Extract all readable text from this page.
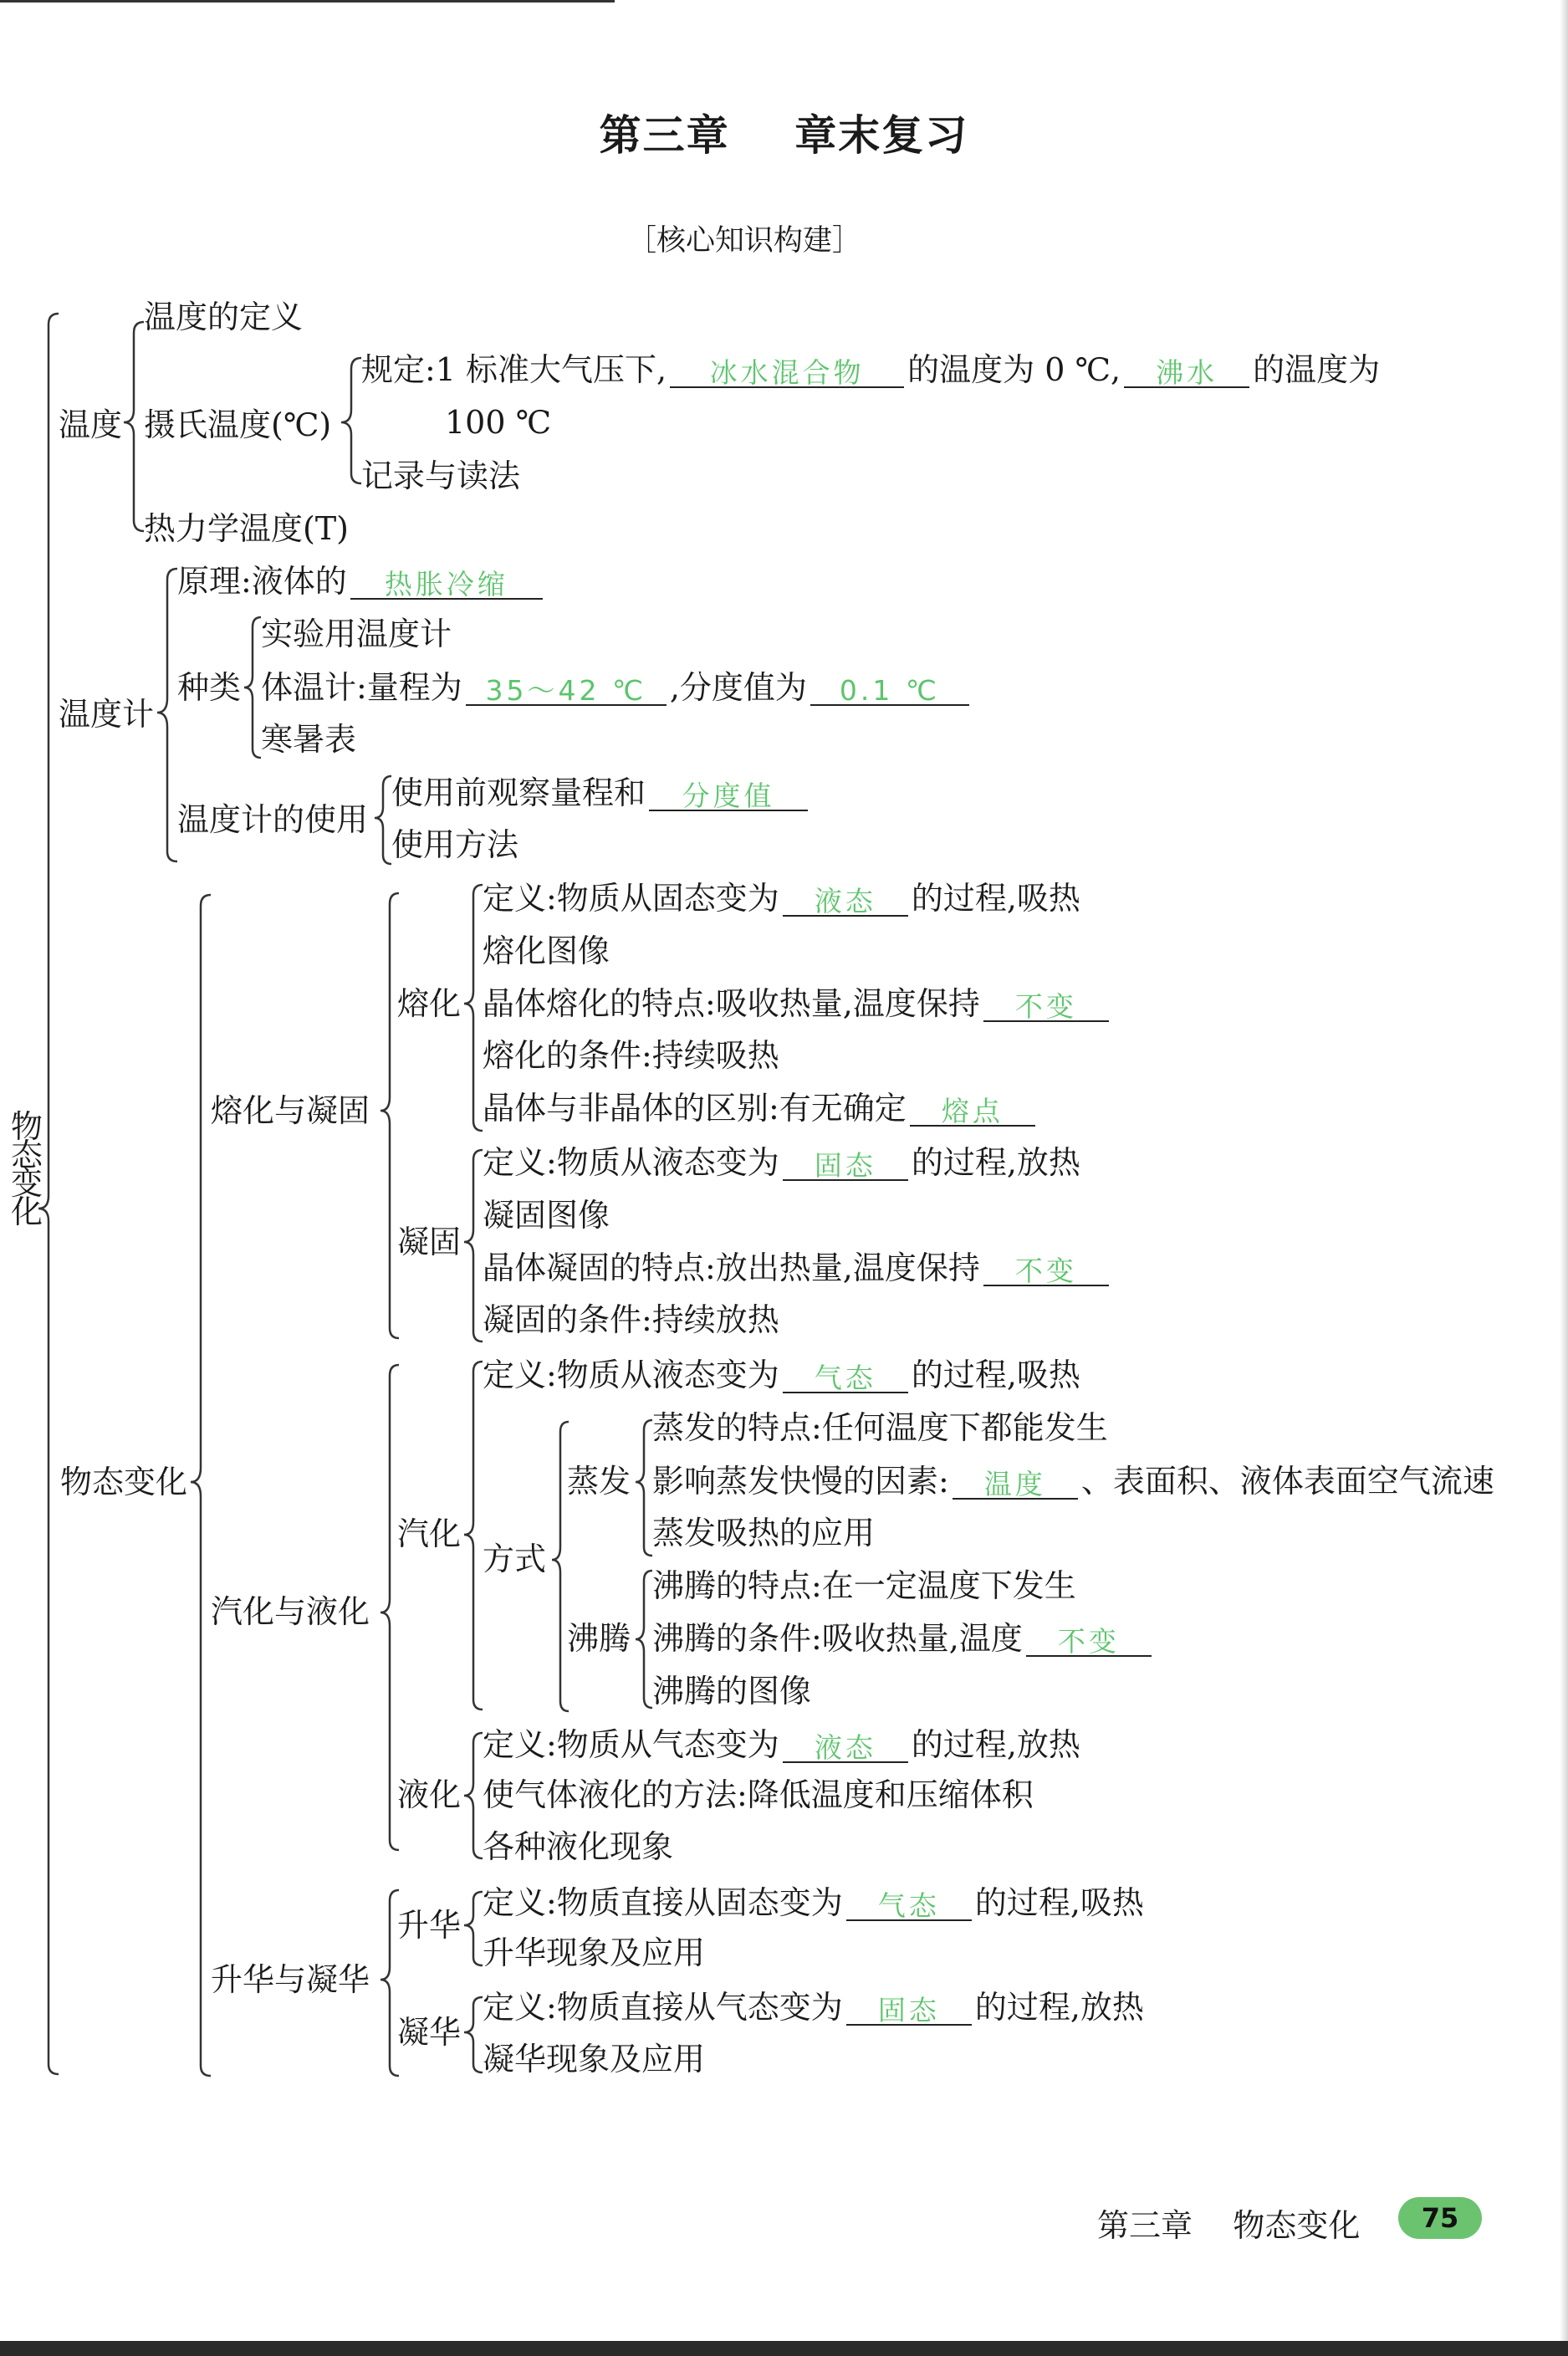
第三章    章末复习
［核心知识构建］
物
态
变
化
温度
温度的定义
摄氏温度(℃)
规定:1 标准大气压下, 冰水混合物 的温度为 0 ℃, 沸水 的温度为
100 ℃
记录与读法
热力学温度(T)
温度计
原理:液体的 热胀冷缩
种类
实验用温度计
体温计:量程为 35～42 ℃ ,分度值为 0.1 ℃
寒暑表
温度计的使用
使用前观察量程和 分度值
使用方法
物态变化
熔化与凝固
熔化
定义:物质从固态变为 液态 的过程,吸热
熔化图像
晶体熔化的特点:吸收热量,温度保持 不变
熔化的条件:持续吸热
晶体与非晶体的区别:有无确定 熔点
凝固
定义:物质从液态变为 固态 的过程,放热
凝固图像
晶体凝固的特点:放出热量,温度保持 不变
凝固的条件:持续放热
汽化与液化
汽化
定义:物质从液态变为 气态 的过程,吸热
方式
蒸发
蒸发的特点:任何温度下都能发生
影响蒸发快慢的因素: 温度 、表面积、液体表面空气流速
蒸发吸热的应用
沸腾
沸腾的特点:在一定温度下发生
沸腾的条件:吸收热量,温度 不变
沸腾的图像
液化
定义:物质从气态变为 液态 的过程,放热
使气体液化的方法:降低温度和压缩体积
各种液化现象
升华与凝华
升华
定义:物质直接从固态变为 气态 的过程,吸热
升华现象及应用
凝华
定义:物质直接从气态变为 固态 的过程,放热
凝华现象及应用
第三章    物态变化	75
